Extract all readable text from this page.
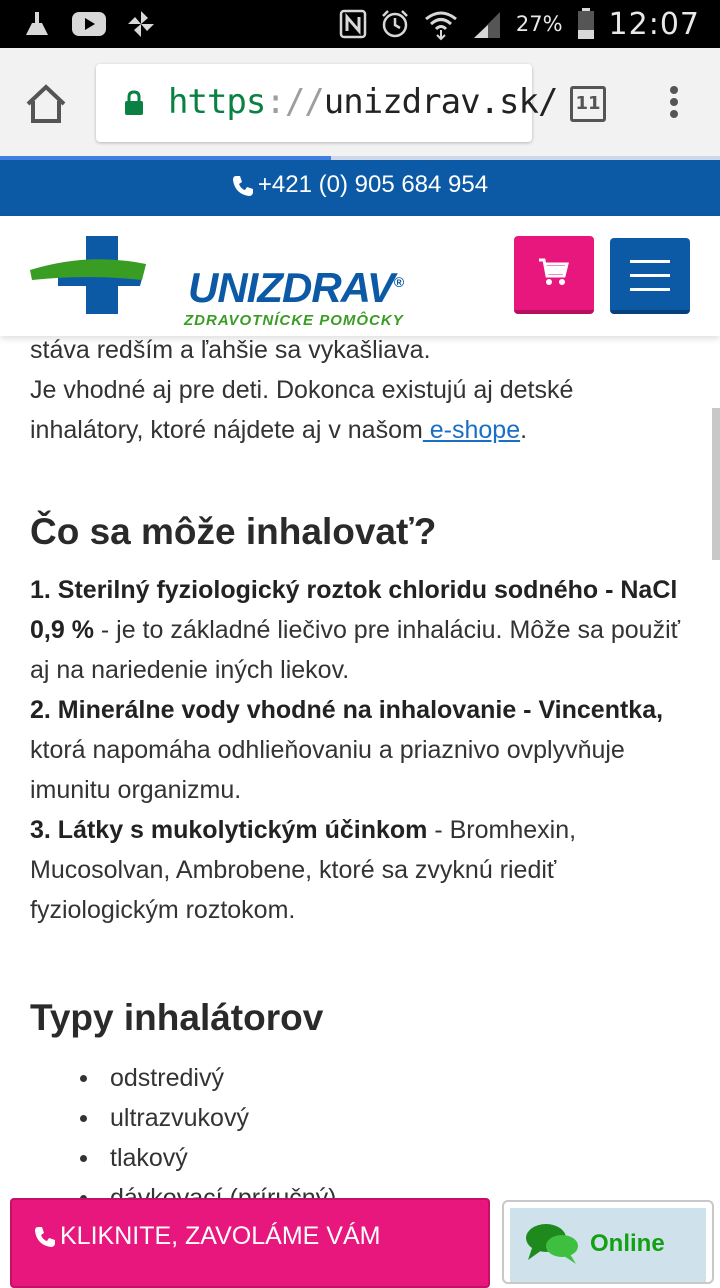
27% 12:07
https://unizdrav.sk/	11
+421 (0) 905 684 954
UNIZDRAV®
ZDRAVOTNÍCKE POMÔCKY

stáva redším a ľahšie sa vykašliava.
Je vhodné aj pre deti. Dokonca existujú aj detské inhalátory, ktoré nájdete aj v našom e-shope.

Čo sa môže inhalovať?

1. Sterilný fyziologický roztok chloridu sodného - NaCl 0,9 % - je to základné liečivo pre inhaláciu. Môže sa použiť aj na nariedenie iných liekov.

2. Minerálne vody vhodné na inhalovanie - Vincentka, ktorá napomáha odhlieňovaniu a priaznivo ovplyvňuje imunitu organizmu.

3. Látky s mukolytickým účinkom - Bromhexin, Mucosolvan, Ambrobene, ktoré sa zvyknú riediť fyziologickým roztokom.

Typy inhalátorov
odstredivý
ultrazvukový
tlakový
KLIKNITE, ZAVOLÁME VÁM	Online
